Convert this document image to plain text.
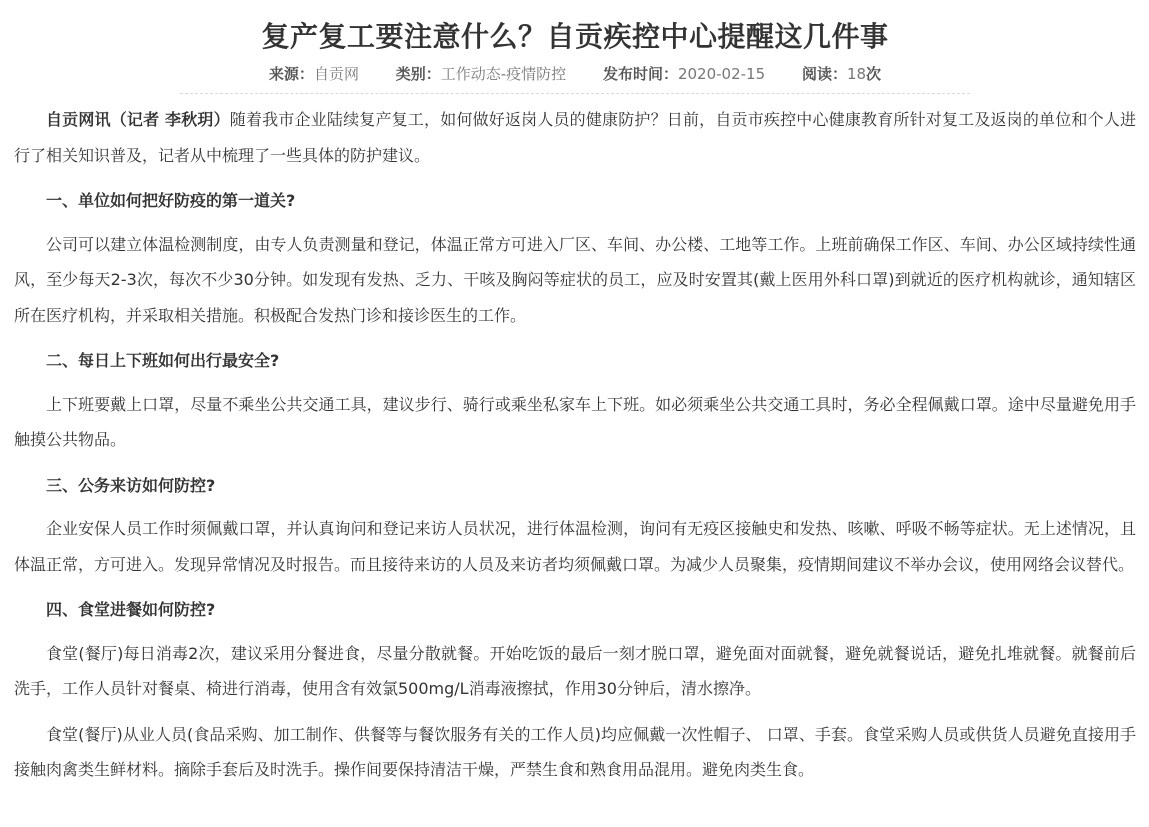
复产复工要注意什么？自贡疾控中心提醒这几件事
来源：自贡网 类别：工作动态-疫情防控 发布时间：2020-02-15 阅读：18次

自贡网讯（记者 李秋玥）随着我市企业陆续复产复工，如何做好返岗人员的健康防护？日前，自贡市疾控中心健康教育所针对复工及返岗的单位和个人进行了相关知识普及，记者从中梳理了一些具体的防护建议。

一、单位如何把好防疫的第一道关?

公司可以建立体温检测制度，由专人负责测量和登记，体温正常方可进入厂区、车间、办公楼、工地等工作。上班前确保工作区、车间、办公区域持续性通风，至少每天2-3次，每次不少30分钟。如发现有发热、乏力、干咳及胸闷等症状的员工，应及时安置其(戴上医用外科口罩)到就近的医疗机构就诊，通知辖区所在医疗机构，并采取相关措施。积极配合发热门诊和接诊医生的工作。

二、每日上下班如何出行最安全?

上下班要戴上口罩，尽量不乘坐公共交通工具，建议步行、骑行或乘坐私家车上下班。如必须乘坐公共交通工具时，务必全程佩戴口罩。途中尽量避免用手触摸公共物品。

三、公务来访如何防控?

企业安保人员工作时须佩戴口罩，并认真询问和登记来访人员状况，进行体温检测，询问有无疫区接触史和发热、咳嗽、呼吸不畅等症状。无上述情况，且体温正常，方可进入。发现异常情况及时报告。而且接待来访的人员及来访者均须佩戴口罩。为减少人员聚集，疫情期间建议不举办会议，使用网络会议替代。

四、食堂进餐如何防控?

食堂(餐厅)每日消毒2次，建议采用分餐进食，尽量分散就餐。开始吃饭的最后一刻才脱口罩，避免面对面就餐，避免就餐说话，避免扎堆就餐。就餐前后洗手，工作人员针对餐桌、椅进行消毒，使用含有效氯500mg/L消毒液擦拭，作用30分钟后，清水擦净。

食堂(餐厅)从业人员(食品采购、加工制作、供餐等与餐饮服务有关的工作人员)均应佩戴一次性帽子、 口罩、手套。食堂采购人员或供货人员避免直接用手接触肉禽类生鲜材料。摘除手套后及时洗手。操作间要保持清洁干燥，严禁生食和熟食用品混用。避免肉类生食。
